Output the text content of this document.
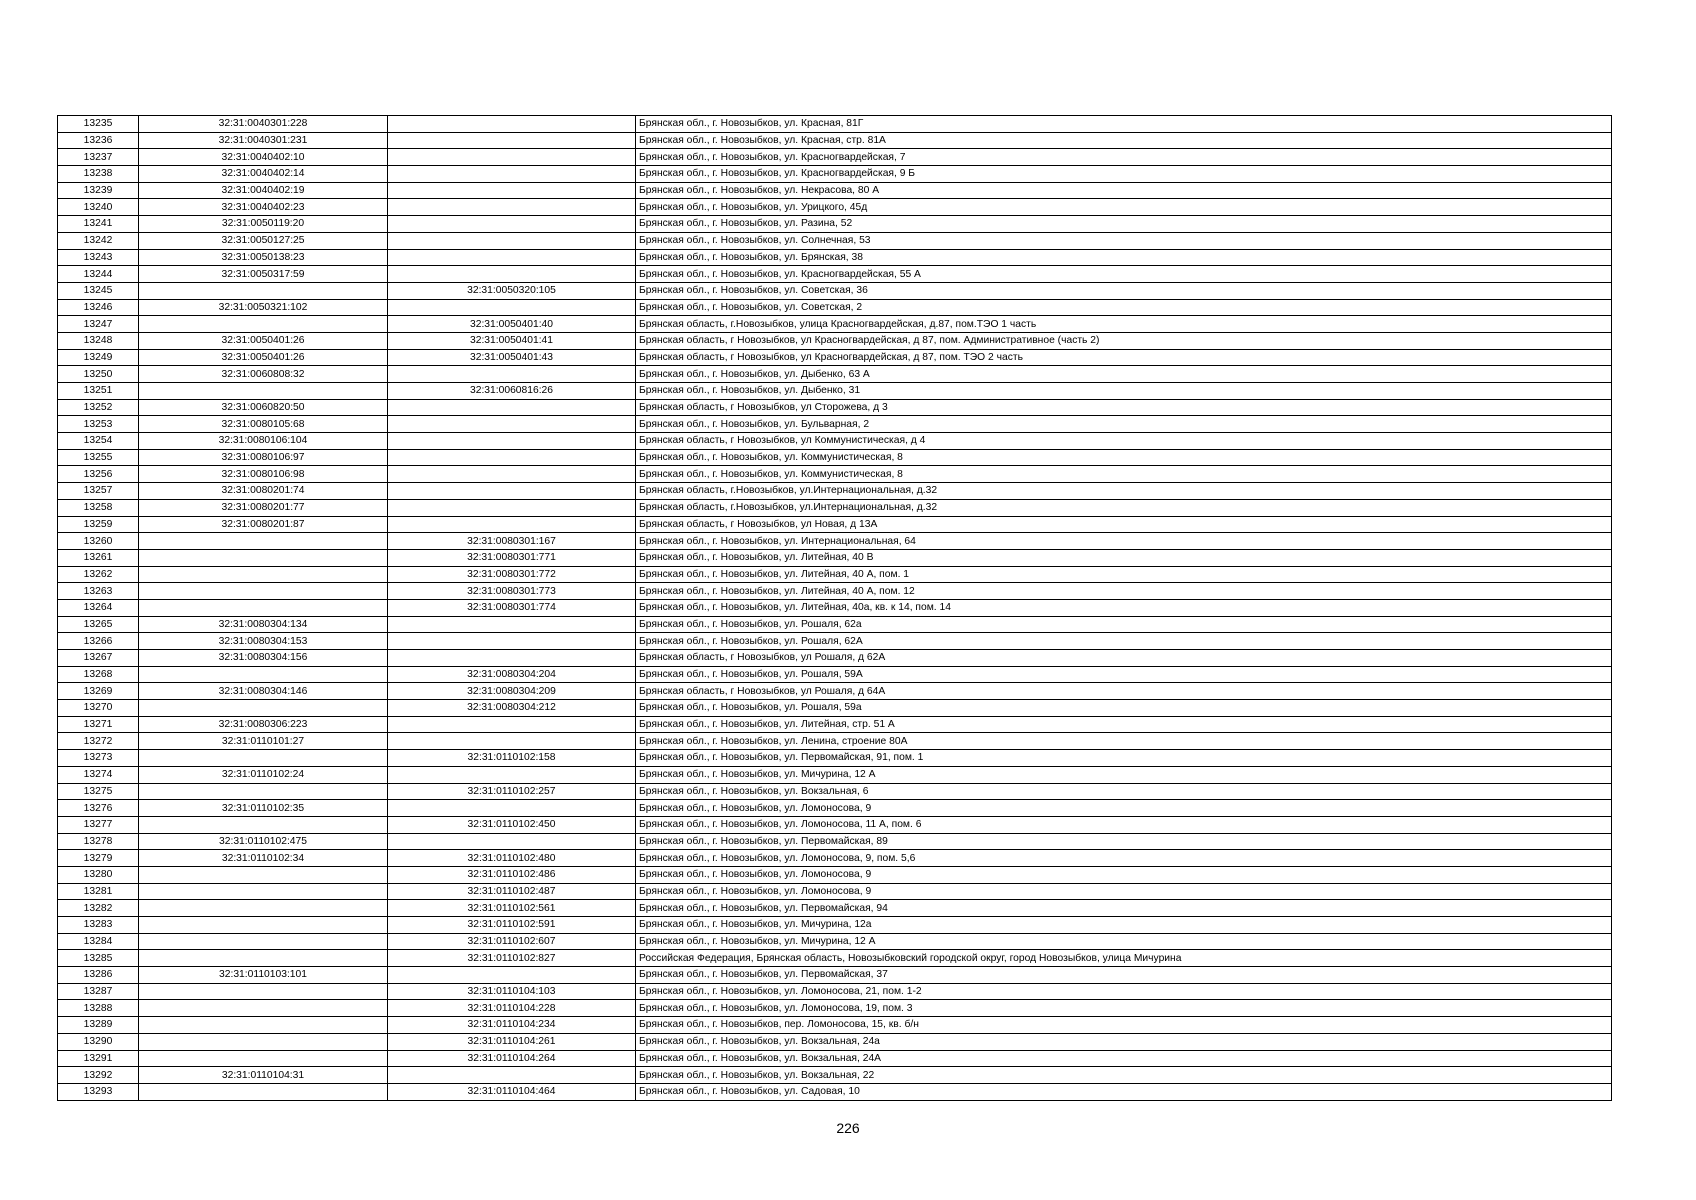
13235	32:31:0040301:228		Брянская обл., г. Новозыбков, ул. Красная, 81Г
13236	32:31:0040301:231		Брянская обл., г. Новозыбков, ул. Красная, стр. 81А
13237	32:31:0040402:10		Брянская обл., г. Новозыбков, ул. Красногвардейская, 7
13238	32:31:0040402:14		Брянская обл., г. Новозыбков, ул. Красногвардейская, 9 Б
13239	32:31:0040402:19		Брянская обл., г. Новозыбков, ул. Некрасова, 80 А
13240	32:31:0040402:23		Брянская обл., г. Новозыбков, ул. Урицкого, 45д
13241	32:31:0050119:20		Брянская обл., г. Новозыбков, ул. Разина, 52
13242	32:31:0050127:25		Брянская обл., г. Новозыбков, ул. Солнечная, 53
13243	32:31:0050138:23		Брянская обл., г. Новозыбков, ул. Брянская, 38
13244	32:31:0050317:59		Брянская обл., г. Новозыбков, ул. Красногвардейская, 55 А
13245		32:31:0050320:105	Брянская обл., г. Новозыбков, ул. Советская, 36
13246	32:31:0050321:102		Брянская обл., г. Новозыбков, ул. Советская, 2
13247		32:31:0050401:40	Брянская область, г.Новозыбков, улица Красногвардейская, д.87, пом.ТЭО 1 часть
13248	32:31:0050401:26	32:31:0050401:41	Брянская область, г Новозыбков, ул Красногвардейская, д 87, пом. Административное (часть 2)
13249	32:31:0050401:26	32:31:0050401:43	Брянская область, г Новозыбков, ул Красногвардейская, д 87, пом. ТЭО 2 часть
13250	32:31:0060808:32		Брянская обл., г. Новозыбков, ул. Дыбенко, 63 А
13251		32:31:0060816:26	Брянская обл., г. Новозыбков, ул. Дыбенко, 31
13252	32:31:0060820:50		Брянская область, г Новозыбков, ул Сторожева, д 3
13253	32:31:0080105:68		Брянская обл., г. Новозыбков, ул. Бульварная, 2
13254	32:31:0080106:104		Брянская область, г Новозыбков, ул Коммунистическая, д 4
13255	32:31:0080106:97		Брянская обл., г. Новозыбков, ул. Коммунистическая, 8
13256	32:31:0080106:98		Брянская обл., г. Новозыбков, ул. Коммунистическая, 8
13257	32:31:0080201:74		Брянская область, г.Новозыбков, ул.Интернациональная, д.32
13258	32:31:0080201:77		Брянская область, г.Новозыбков, ул.Интернациональная, д.32
13259	32:31:0080201:87		Брянская область, г Новозыбков, ул Новая, д 13А
13260		32:31:0080301:167	Брянская обл., г. Новозыбков, ул. Интернациональная, 64
13261		32:31:0080301:771	Брянская обл., г. Новозыбков, ул. Литейная, 40 В
13262		32:31:0080301:772	Брянская обл., г. Новозыбков, ул. Литейная, 40 А, пом. 1
13263		32:31:0080301:773	Брянская обл., г. Новозыбков, ул. Литейная, 40 А, пом. 12
13264		32:31:0080301:774	Брянская обл., г. Новозыбков, ул. Литейная, 40а, кв. к 14, пом. 14
13265	32:31:0080304:134		Брянская обл., г. Новозыбков, ул. Рошаля, 62а
13266	32:31:0080304:153		Брянская обл., г. Новозыбков, ул. Рошаля, 62А
13267	32:31:0080304:156		Брянская область, г Новозыбков, ул Рошаля, д 62А
13268		32:31:0080304:204	Брянская обл., г. Новозыбков, ул. Рошаля, 59А
13269	32:31:0080304:146	32:31:0080304:209	Брянская область, г Новозыбков, ул Рошаля, д 64А
13270		32:31:0080304:212	Брянская обл., г. Новозыбков, ул. Рошаля, 59а
13271	32:31:0080306:223		Брянская обл., г. Новозыбков, ул. Литейная, стр. 51 А
13272	32:31:0110101:27		Брянская обл., г. Новозыбков, ул. Ленина, строение 80А
13273		32:31:0110102:158	Брянская обл., г. Новозыбков, ул. Первомайская, 91, пом. 1
13274	32:31:0110102:24		Брянская обл., г. Новозыбков, ул. Мичурина, 12 А
13275		32:31:0110102:257	Брянская обл., г. Новозыбков, ул. Вокзальная, 6
13276	32:31:0110102:35		Брянская обл., г. Новозыбков, ул. Ломоносова, 9
13277		32:31:0110102:450	Брянская обл., г. Новозыбков, ул. Ломоносова, 11 А, пом. 6
13278	32:31:0110102:475		Брянская обл., г. Новозыбков, ул. Первомайская, 89
13279	32:31:0110102:34	32:31:0110102:480	Брянская обл., г. Новозыбков, ул. Ломоносова, 9, пом. 5,6
13280		32:31:0110102:486	Брянская обл., г. Новозыбков, ул. Ломоносова, 9
13281		32:31:0110102:487	Брянская обл., г. Новозыбков, ул. Ломоносова, 9
13282		32:31:0110102:561	Брянская обл., г. Новозыбков, ул. Первомайская, 94
13283		32:31:0110102:591	Брянская обл., г. Новозыбков, ул. Мичурина, 12а
13284		32:31:0110102:607	Брянская обл., г. Новозыбков, ул. Мичурина, 12 А
13285		32:31:0110102:827	Российская Федерация, Брянская область, Новозыбковский городской округ, город Новозыбков, улица Мичурина
13286	32:31:0110103:101		Брянская обл., г. Новозыбков, ул. Первомайская, 37
13287		32:31:0110104:103	Брянская обл., г. Новозыбков, ул. Ломоносова, 21, пом. 1-2
13288		32:31:0110104:228	Брянская обл., г. Новозыбков, ул. Ломоносова, 19, пом. 3
13289		32:31:0110104:234	Брянская обл., г. Новозыбков, пер. Ломоносова, 15, кв. б/н
13290		32:31:0110104:261	Брянская обл., г. Новозыбков, ул. Вокзальная, 24а
13291		32:31:0110104:264	Брянская обл., г. Новозыбков, ул. Вокзальная, 24А
13292	32:31:0110104:31		Брянская обл., г. Новозыбков, ул. Вокзальная, 22
13293		32:31:0110104:464	Брянская обл., г. Новозыбков, ул. Садовая, 10
226
